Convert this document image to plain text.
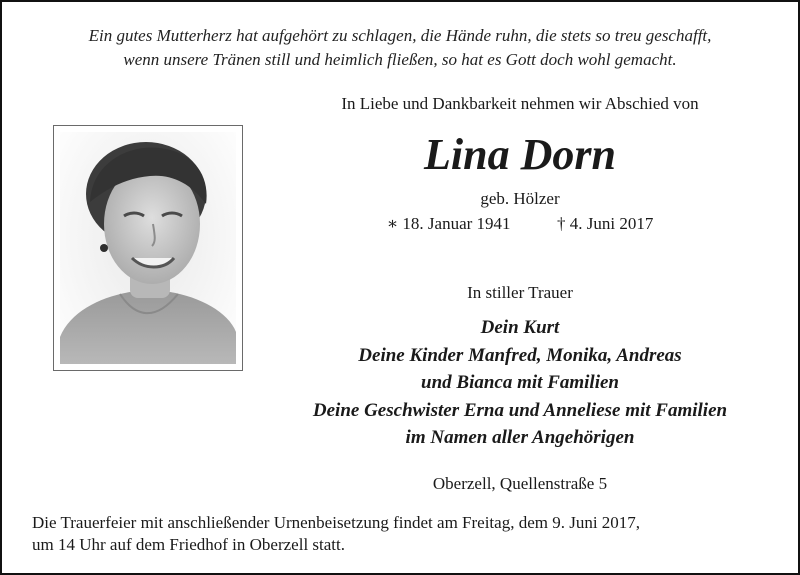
Ein gutes Mutterherz hat aufgehört zu schlagen, die Hände ruhn, die stets so treu geschafft,
wenn unsere Tränen still und heimlich fließen, so hat es Gott doch wohl gemacht.
In Liebe und Dankbarkeit nehmen wir Abschied von
Lina Dorn
geb. Hölzer
∗ 18. Januar 1941	† 4. Juni 2017
In stiller Trauer
Dein Kurt
Deine Kinder Manfred, Monika, Andreas
und Bianca mit Familien
Deine Geschwister Erna und Anneliese mit Familien
im Namen aller Angehörigen
Oberzell, Quellenstraße 5
Die Trauerfeier mit anschließender Urnenbeisetzung findet am Freitag, dem 9. Juni 2017,
um 14 Uhr auf dem Friedhof in Oberzell statt.
